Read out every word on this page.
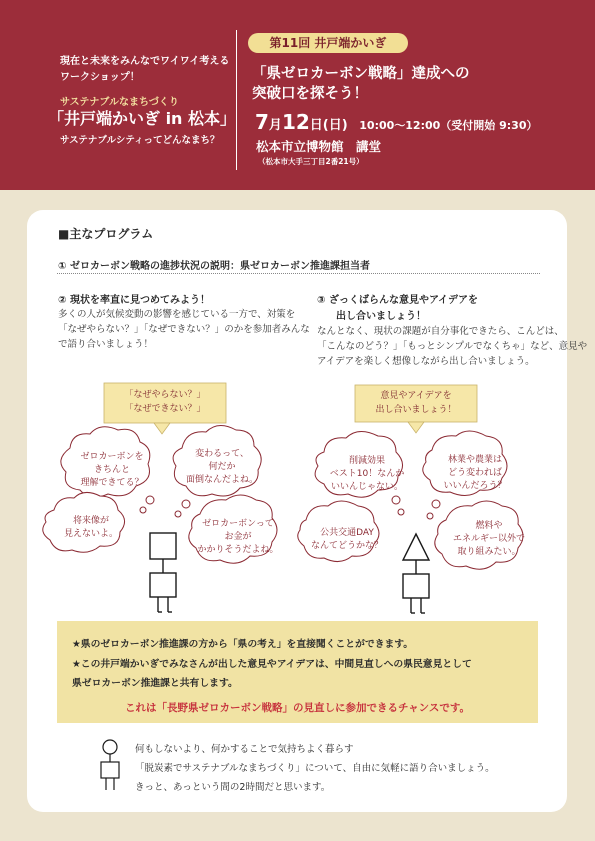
現在と未来をみんなでワイワイ考える
ワークショップ！
サステナブルなまちづくり
「井戸端かいぎ in 松本」
サステナブルシティってどんなまち？
第11回 井戸端かいぎ
「県ゼロカーボン戦略」達成への
突破口を探そう！
7月12日(日) 10:00〜12:00（受付開始 9:30）
松本市立博物館　講堂
（松本市大手三丁目2番21号）
■主なプログラム
① ゼロカーボン戦略の進捗状況の説明：県ゼロカーボン推進課担当者
② 現状を率直に見つめてみよう！
多くの人が気候変動の影響を感じている一方で、対策を
「なぜやらない？」「なぜできない？」のかを参加者みんな
で語り合いましょう！
③ ざっくばらんな意見やアイデアを
出し合いましょう！
なんとなく、現状の課題が自分事化できたら、こんどは、
「こんなのどう？」「もっとシンプルでなくちゃ」など、意見や
アイデアを楽しく想像しながら出し合いましょう。
「なぜやらない？」
「なぜできない？」
意見やアイデアを
出し合いましょう！
ゼロカーボンを
きちんと
理解できてる？
変わるって、
何だか
面倒なんだよね。
将来像が
見えないよ。
ゼロカーボンって
お金が
かかりそうだよね。
削減効果
ベスト10！なんか
いいんじゃない。
林業や農業は
どう変われば
いいんだろう？
公共交通DAY
なんてどうかな？
燃料や
エネルギー以外で
取り組みたい。
★県のゼロカーボン推進課の方から「県の考え」を直接聞くことができます。
★この井戸端かいぎでみなさんが出した意見やアイデアは、中間見直しへの県民意見として
県ゼロカーボン推進課と共有します。
これは「長野県ゼロカーボン戦略」の見直しに参加できるチャンスです。
何もしないより、何かすることで気持ちよく暮らす
「脱炭素でサステナブルなまちづくり」について、自由に気軽に語り合いましょう。
きっと、あっという間の2時間だと思います。
